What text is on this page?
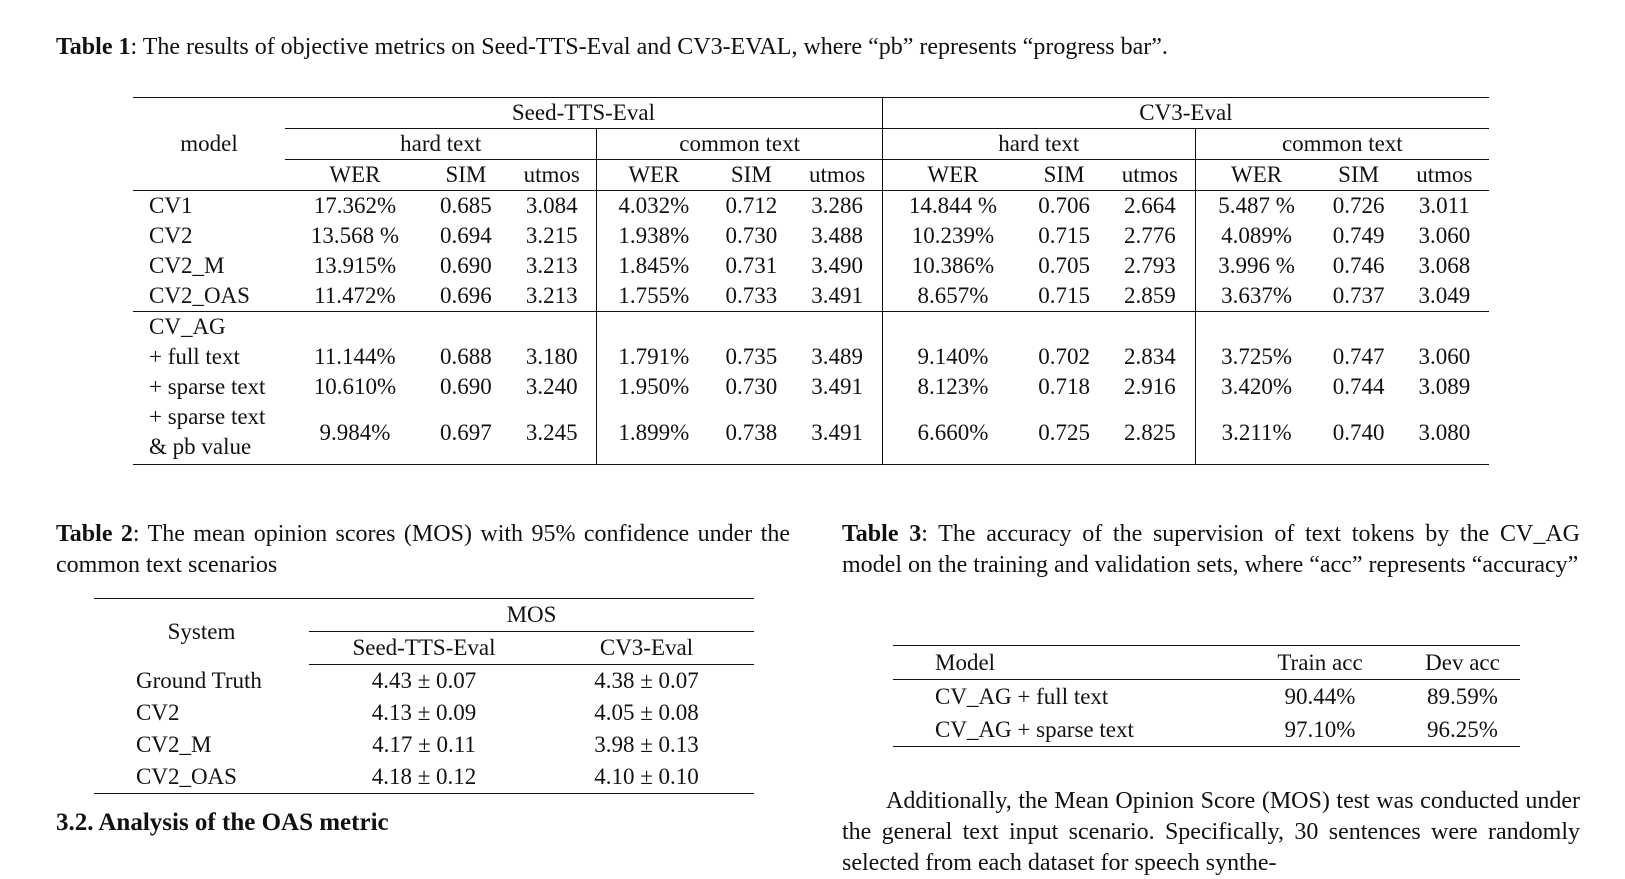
Table 1: The results of objective metrics on Seed-TTS-Eval and CV3-EVAL, where “pb” represents “progress bar”.
model	Seed-TTS-Eval						CV3-Eval					
	hard text			common text			hard text			common text		
	WER	SIM	utmos	WER	SIM	utmos	WER	SIM	utmos	WER	SIM	utmos
CV1	17.362%	0.685	3.084	4.032%	0.712	3.286	14.844 %	0.706	2.664	5.487 %	0.726	3.011
CV2	13.568 %	0.694	3.215	1.938%	0.730	3.488	10.239%	0.715	2.776	4.089%	0.749	3.060
CV2_M	13.915%	0.690	3.213	1.845%	0.731	3.490	10.386%	0.705	2.793	3.996 %	0.746	3.068
CV2_OAS	11.472%	0.696	3.213	1.755%	0.733	3.491	8.657%	0.715	2.859	3.637%	0.737	3.049
CV_AG												
+ full text	11.144%	0.688	3.180	1.791%	0.735	3.489	9.140%	0.702	2.834	3.725%	0.747	3.060
+ sparse text	10.610%	0.690	3.240	1.950%	0.730	3.491	8.123%	0.718	2.916	3.420%	0.744	3.089
+ sparse text
& pb value	9.984%	0.697	3.245	1.899%	0.738	3.491	6.660%	0.725	2.825	3.211%	0.740	3.080
Table 2: The mean opinion scores (MOS) with 95% confidence under the common text scenarios
System	MOS	
	Seed-TTS-Eval	CV3-Eval
Ground Truth	4.43 ± 0.07	4.38 ± 0.07
CV2	4.13 ± 0.09	4.05 ± 0.08
CV2_M	4.17 ± 0.11	3.98 ± 0.13
CV2_OAS	4.18 ± 0.12	4.10 ± 0.10
3.2. Analysis of the OAS metric
Table 3: The accuracy of the supervision of text tokens by the CV_AG model on the training and validation sets, where “acc” represents “accuracy”
Model	Train acc	Dev acc
CV_AG + full text	90.44%	89.59%
CV_AG + sparse text	97.10%	96.25%
Additionally, the Mean Opinion Score (MOS) test was conducted under the general text input scenario. Specifically, 30 sentences were randomly selected from each dataset for speech synthe-
